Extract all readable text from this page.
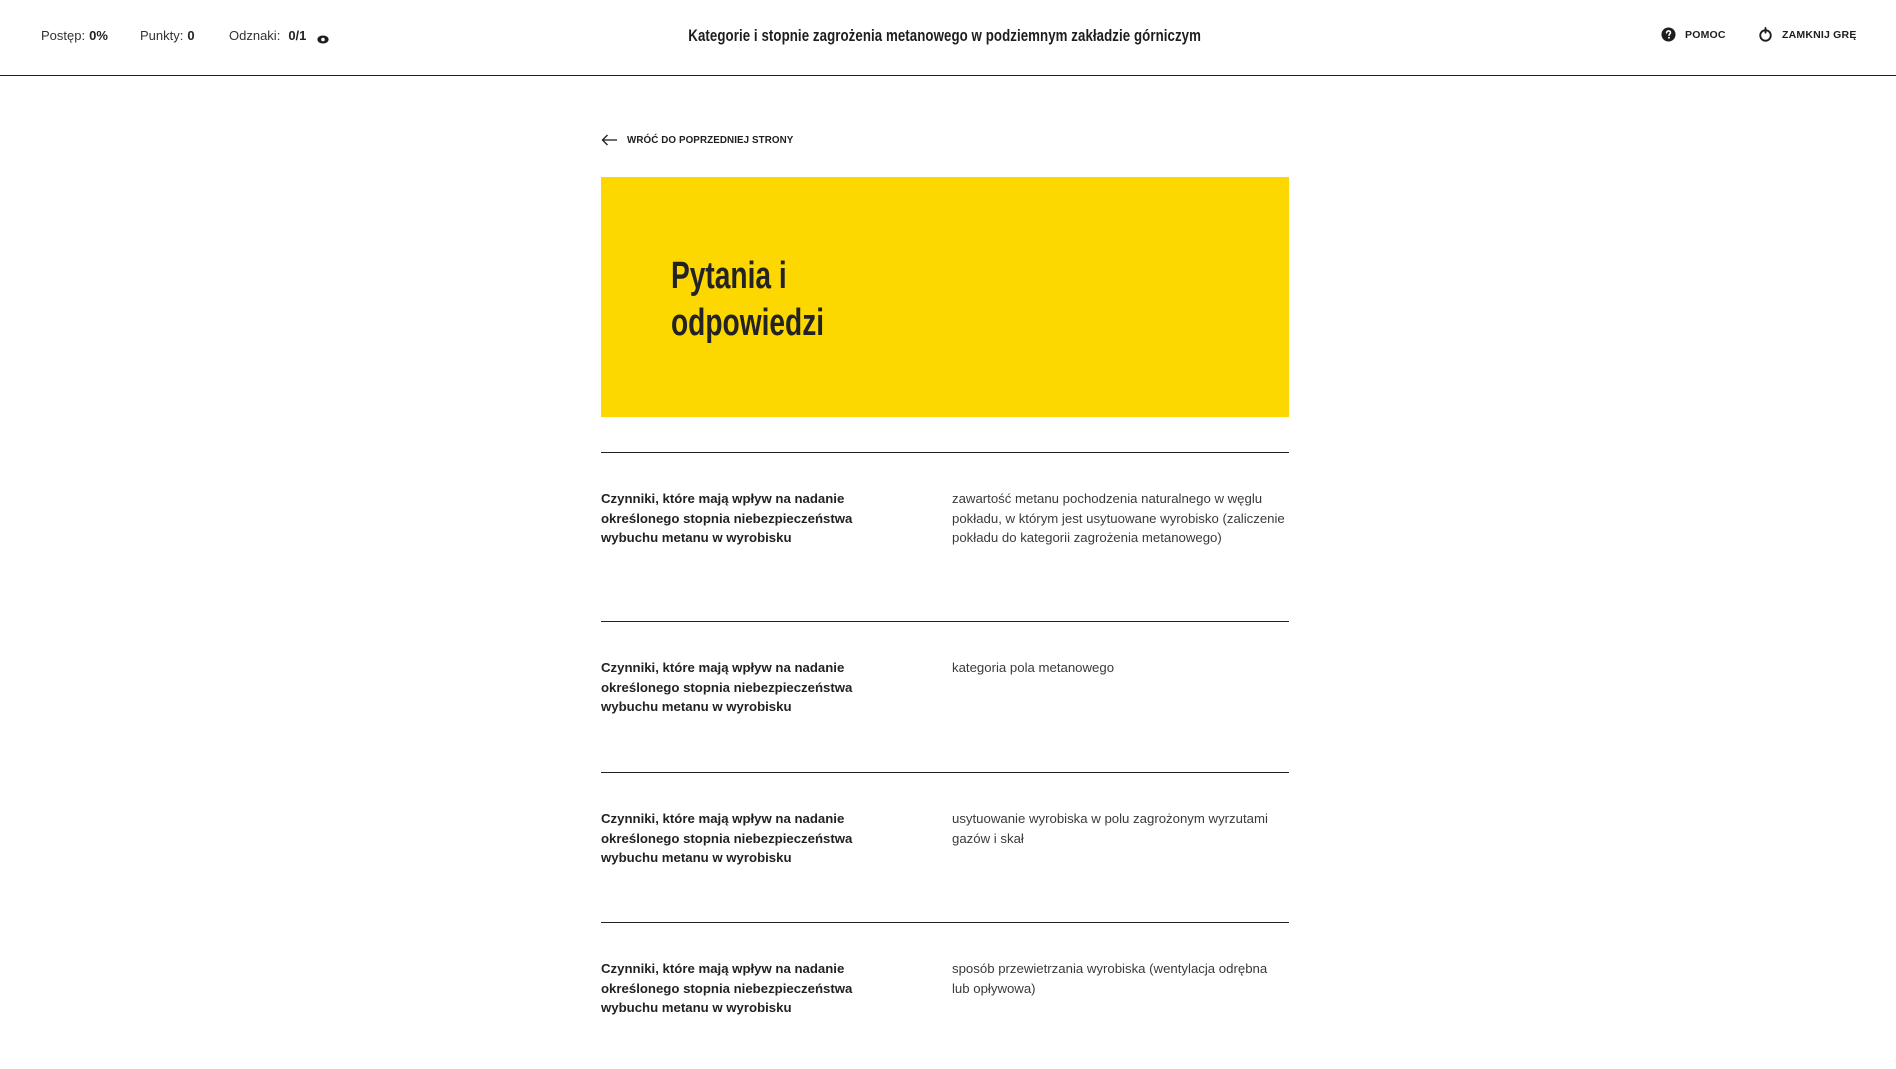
Postęp: 0% Punkty: 0	Odznaki: 0/1	Kategorie i stopnie zagrożenia metanowego w podziemnym zakładzie górniczym	POMOC	ZAMKNIJ GRĘ
WRÓĆ DO POPRZEDNIEJ STRONY
Pytania i
odpowiedzi
Czynniki, które mają wpływ na nadanie określonego stopnia niebezpieczeństwa wybuchu metanu w wyrobisku
zawartość metanu pochodzenia naturalnego w węglu pokładu, w którym jest usytuowane wyrobisko (zaliczenie pokładu do kategorii zagrożenia metanowego)
Czynniki, które mają wpływ na nadanie określonego stopnia niebezpieczeństwa wybuchu metanu w wyrobisku
kategoria pola metanowego
Czynniki, które mają wpływ na nadanie określonego stopnia niebezpieczeństwa wybuchu metanu w wyrobisku
usytuowanie wyrobiska w polu zagrożonym wyrzutami gazów i skał
Czynniki, które mają wpływ na nadanie określonego stopnia niebezpieczeństwa wybuchu metanu w wyrobisku
sposób przewietrzania wyrobiska (wentylacja odrębna lub opływowa)
